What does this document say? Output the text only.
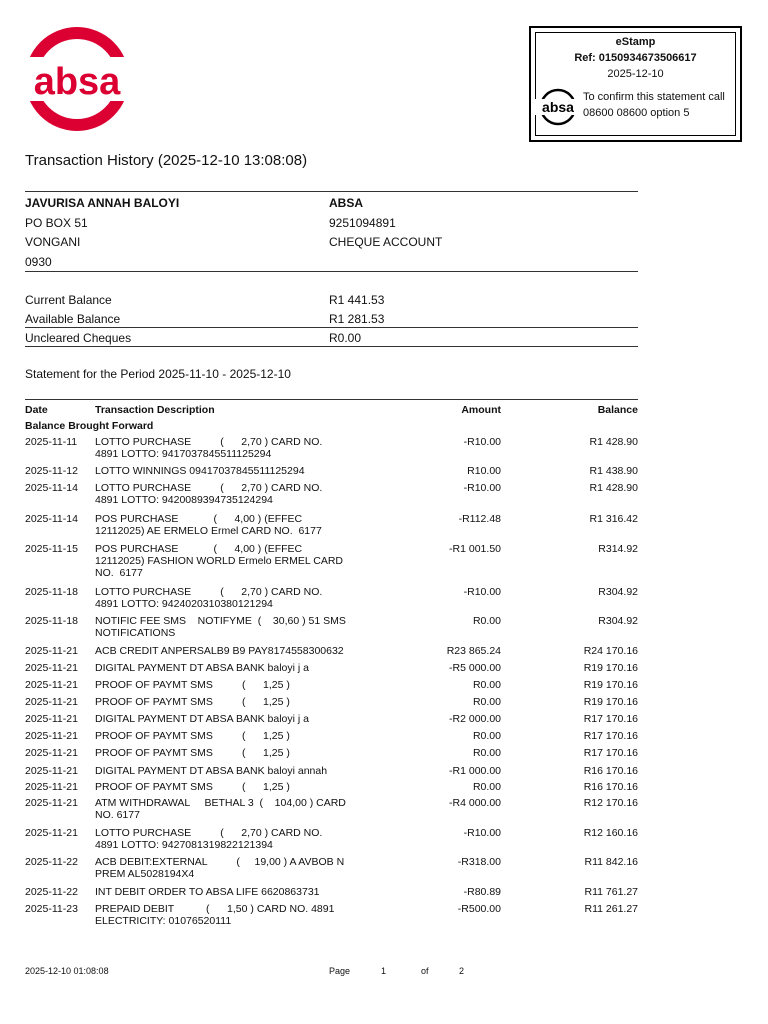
absa
eStamp
Ref: 0150934673506617
2025-12-10
absa
To confirm this statement call
08600 08600 option 5
Transaction History (2025-12-10 13:08:08)
JAVURISA ANNAH BALOYI
PO BOX 51
VONGANI
0930
ABSA
9251094891
CHEQUE ACCOUNT
Current Balance	R1 441.53
Available Balance	R1 281.53
Uncleared Cheques	R0.00
Statement for the Period 2025-11-10 - 2025-12-10
Date	Transaction Description	Amount	Balance
Balance Brought Forward
2025-11-11 LOTTO PURCHASE          (      2,70 ) CARD NO.
4891 LOTTO: 9417037845511125294
-R10.00	R1 428.90
2025-11-12 LOTTO WINNINGS 09417037845511125294	R10.00	R1 438.90
2025-11-14 LOTTO PURCHASE          (      2,70 ) CARD NO.
4891 LOTTO: 9420089394735124294
-R10.00	R1 428.90
2025-11-14 POS PURCHASE            (      4,00 ) (EFFEC
12112025) AE ERMELO Ermel CARD NO.  6177
-R112.48	R1 316.42
2025-11-15 POS PURCHASE            (      4,00 ) (EFFEC
12112025) FASHION WORLD Ermelo ERMEL CARD
NO.  6177
-R1 001.50	R314.92
2025-11-18 LOTTO PURCHASE          (      2,70 ) CARD NO.
4891 LOTTO: 9424020310380121294
-R10.00	R304.92
2025-11-18 NOTIFIC FEE SMS    NOTIFYME  (    30,60 ) 51 SMS
NOTIFICATIONS
R0.00	R304.92
2025-11-21 ACB CREDIT ANPERSALB9 B9 PAY8174558300632	R23 865.24	R24 170.16
2025-11-21 DIGITAL PAYMENT DT ABSA BANK baloyi j a	-R5 000.00	R19 170.16
2025-11-21 PROOF OF PAYMT SMS          (      1,25 )	R0.00	R19 170.16
2025-11-21 PROOF OF PAYMT SMS          (      1,25 )	R0.00	R19 170.16
2025-11-21 DIGITAL PAYMENT DT ABSA BANK baloyi j a	-R2 000.00	R17 170.16
2025-11-21 PROOF OF PAYMT SMS          (      1,25 )	R0.00	R17 170.16
2025-11-21 PROOF OF PAYMT SMS          (      1,25 )	R0.00	R17 170.16
2025-11-21 DIGITAL PAYMENT DT ABSA BANK baloyi annah	-R1 000.00	R16 170.16
2025-11-21 PROOF OF PAYMT SMS          (      1,25 )	R0.00	R16 170.16
2025-11-21 ATM WITHDRAWAL     BETHAL 3  (    104,00 ) CARD
NO. 6177
-R4 000.00	R12 170.16
2025-11-21 LOTTO PURCHASE          (      2,70 ) CARD NO.
4891 LOTTO: 9427081319822121394
-R10.00	R12 160.16
2025-11-22 ACB DEBIT:EXTERNAL          (     19,00 ) A AVBOB N
PREM AL5028194X4
-R318.00	R11 842.16
2025-11-22 INT DEBIT ORDER TO ABSA LIFE 6620863731	-R80.89	R11 761.27
2025-11-23 PREPAID DEBIT           (      1,50 ) CARD NO. 4891
ELECTRICITY: 01076520111
-R500.00	R11 261.27
2025-12-10 01:08:08	Page	1	of	2
